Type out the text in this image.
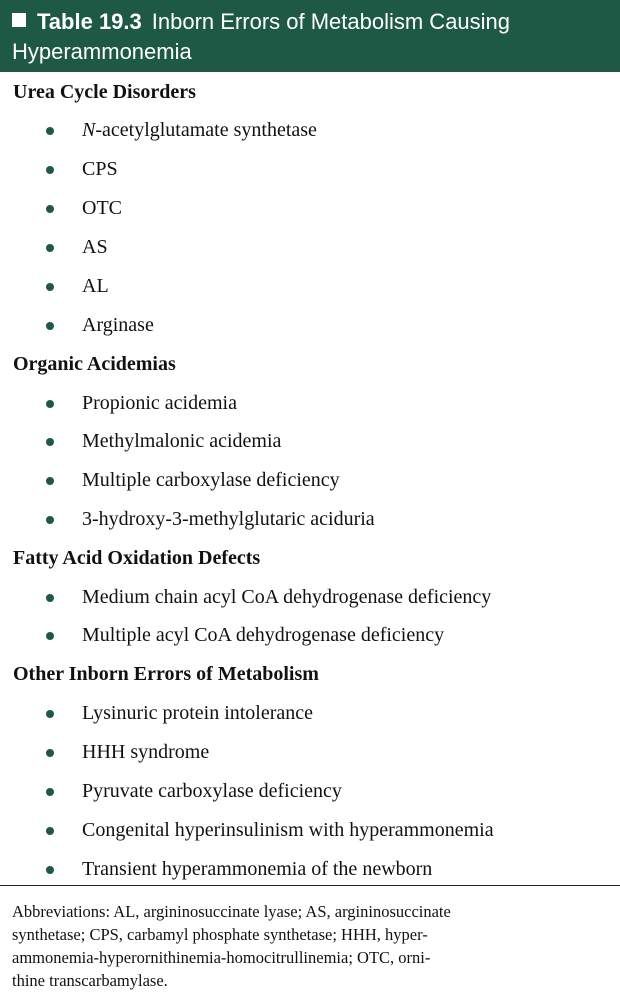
Table 19.3 Inborn Errors of Metabolism Causing
Hyperammonemia
Urea Cycle Disorders
N-acetylglutamate synthetase
CPS
OTC
AS
AL
Arginase
Organic Acidemias
Propionic acidemia
Methylmalonic acidemia
Multiple carboxylase deficiency
3-hydroxy-3-methylglutaric aciduria
Fatty Acid Oxidation Defects
Medium chain acyl CoA dehydrogenase deficiency
Multiple acyl CoA dehydrogenase deficiency
Other Inborn Errors of Metabolism
Lysinuric protein intolerance
HHH syndrome
Pyruvate carboxylase deficiency
Congenital hyperinsulinism with hyperammonemia
Transient hyperammonemia of the newborn
Abbreviations: AL, argininosuccinate lyase; AS, argininosuccinate
synthetase; CPS, carbamyl phosphate synthetase; HHH, hyper-
ammonemia-hyperornithinemia-homocitrullinemia; OTC, orni-
thine transcarbamylase.
